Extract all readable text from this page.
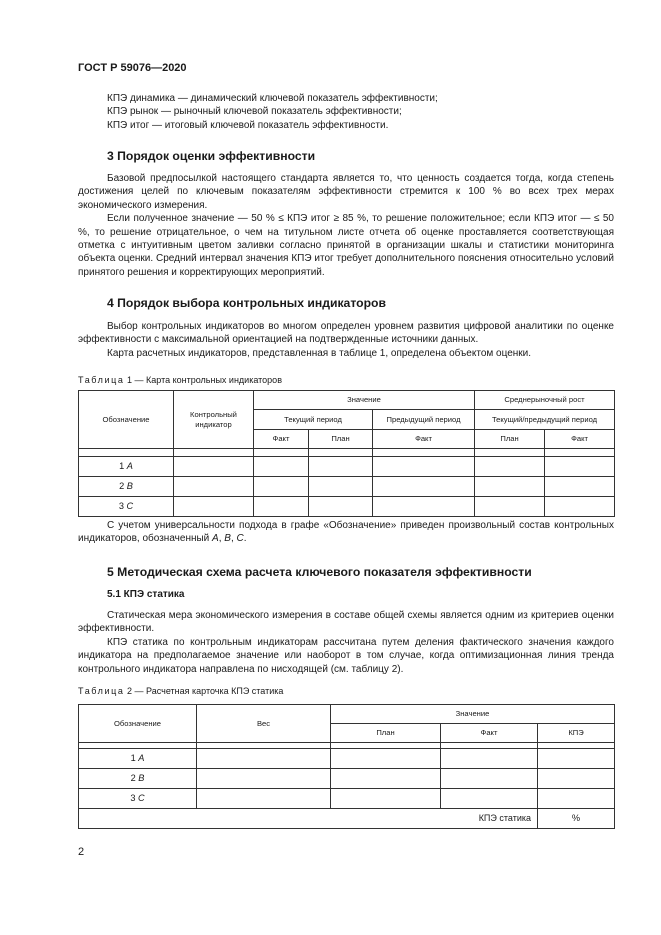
ГОСТ Р 59076—2020
КПЭ динамика — динамический ключевой показатель эффективности;
КПЭ рынок — рыночный ключевой показатель эффективности;
КПЭ итог — итоговый ключевой показатель эффективности.
3 Порядок оценки эффективности

Базовой предпосылкой настоящего стандарта является то, что ценность создается тогда, когда степень достижения целей по ключевым показателям эффективности стремится к 100 % во всех трех мерах экономического измерения.

Если полученное значение — 50 % ≤ КПЭ итог ≥ 85 %, то решение положительное; если КПЭ итог — ≤ 50 %, то решение отрицательное, о чем на титульном листе отчета об оценке проставляется соответствующая отметка с интуитивным цветом заливки согласно принятой в организации шкалы и статистики мониторинга объекта оценки. Средний интервал значения КПЭ итог требует дополнительного пояснения относительно условий принятого решения и корректирующих мероприятий.

4 Порядок выбора контрольных индикаторов

Выбор контрольных индикаторов во многом определен уровнем развития цифровой аналитики по оценке эффективности с максимальной ориентацией на подтвержденные источники данных.

Карта расчетных индикаторов, представленная в таблице 1, определена объектом оценки.

Таблица 1 — Карта контрольных индикаторов
Обозначение	Контрольный индикатор	Значение			Среднерыночный рост	
		Текущий период		Предыдущий период	Текущий/предыдущий период	
		Факт	План	Факт	План	Факт

1 A						
2 B						
3 C						

С учетом универсальности подхода в графе «Обозначение» приведен произвольный состав контрольных индикаторов, обозначенный A, B, C.

5 Методическая схема расчета ключевого показателя эффективности
5.1 КПЭ статика

Статическая мера экономического измерения в составе общей схемы является одним из критериев оценки эффективности.

КПЭ статика по контрольным индикаторам рассчитана путем деления фактического значения каждого индикатора на предполагаемое значение или наоборот в том случае, когда оптимизационная линия тренда контрольного индикатора направлена по нисходящей (см. таблицу 2).

Таблица 2 — Расчетная карточка КПЭ статика
Обозначение	Вес	Значение		
		План	Факт	КПЭ

1 A				
2 B				
3 C				
КПЭ статика				%
2
